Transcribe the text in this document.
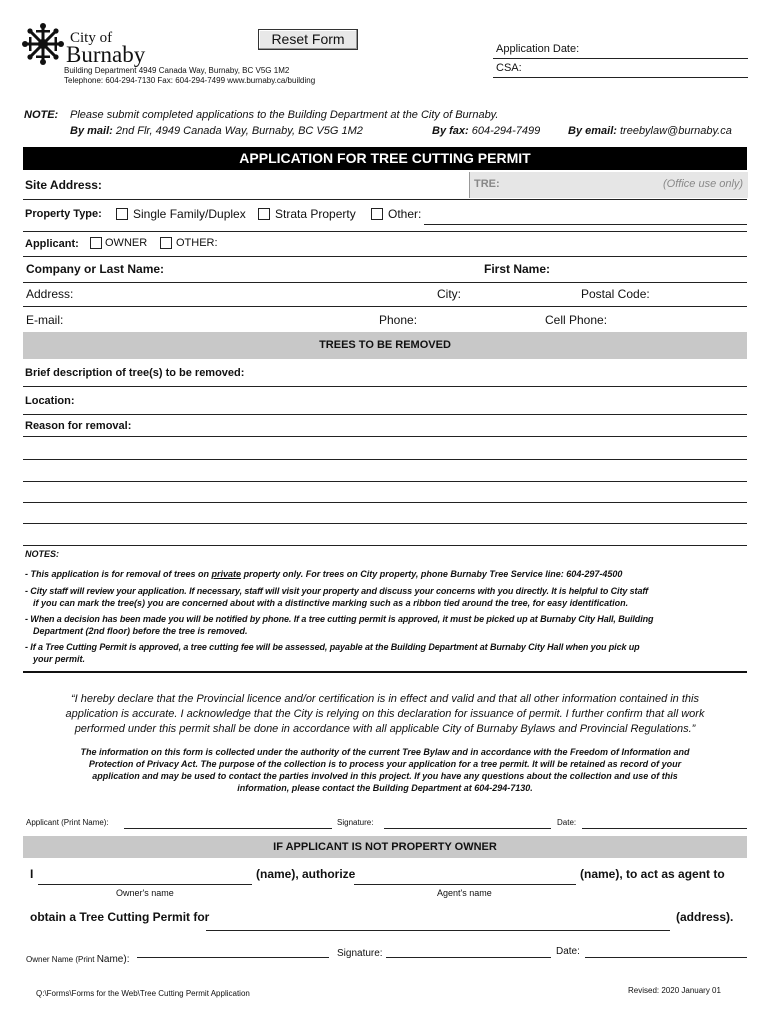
City of
Burnaby
Building Department 4949 Canada Way, Burnaby, BC V5G 1M2
Telephone: 604-294-7130 Fax: 604-294-7499 www.burnaby.ca/building
Reset Form
Application Date:
CSA:
NOTE: Please submit completed applications to the Building Department at the City of Burnaby.
By mail: 2nd Flr, 4949 Canada Way, Burnaby, BC V5G 1M2	By fax: 604-294-7499	By email: treebylaw@burnaby.ca
APPLICATION FOR TREE CUTTING PERMIT
Site Address:	TRE:	(Office use only)
Property Type:	Single Family/Duplex Strata Property	Other:
Applicant: OWNER	OTHER:
Company or Last Name:	First Name:
Address:	City:	Postal Code:
E-mail:	Phone:	Cell Phone:
TREES TO BE REMOVED
Brief description of tree(s) to be removed:
Location:
Reason for removal:
NOTES:
- This application is for removal of trees on private property only. For trees on City property, phone Burnaby Tree Service line: 604-297-4500
- City staff will review your application. If necessary, staff will visit your property and discuss your concerns with you directly. It is helpful to City staff
if you can mark the tree(s) you are concerned about with a distinctive marking such as a ribbon tied around the tree, for easy identification.
- When a decision has been made you will be notified by phone. If a tree cutting permit is approved, it must be picked up at Burnaby City Hall, Building
Department (2nd floor) before the tree is removed.
- If a Tree Cutting Permit is approved, a tree cutting fee will be assessed, payable at the Building Department at Burnaby City Hall when you pick up
your permit.
“I hereby declare that the Provincial licence and/or certification is in effect and valid and that all other information contained in this
application is accurate. I acknowledge that the City is relying on this declaration for issuance of permit. I further confirm that all work
performed under this permit shall be done in accordance with all applicable City of Burnaby Bylaws and Provincial Regulations.”
The information on this form is collected under the authority of the current Tree Bylaw and in accordance with the Freedom of Information and
Protection of Privacy Act. The purpose of the collection is to process your application for a tree permit. It will be retained as record of your
application and may be used to contact the parties involved in this project. If you have any questions about the collection and use of this
information, please contact the Building Department at 604-294-7130.
Applicant (Print Name):	Signature:	Date:
IF APPLICANT IS NOT PROPERTY OWNER
I	(name), authorize	(name), to act as agent to
Owner's name	Agent's name
obtain a Tree Cutting Permit for	(address).
Owner Name (Print Name):
Signature:	Date:
Q:\Forms\Forms for the Web\Tree Cutting Permit Application	Revised: 2020 January 01
